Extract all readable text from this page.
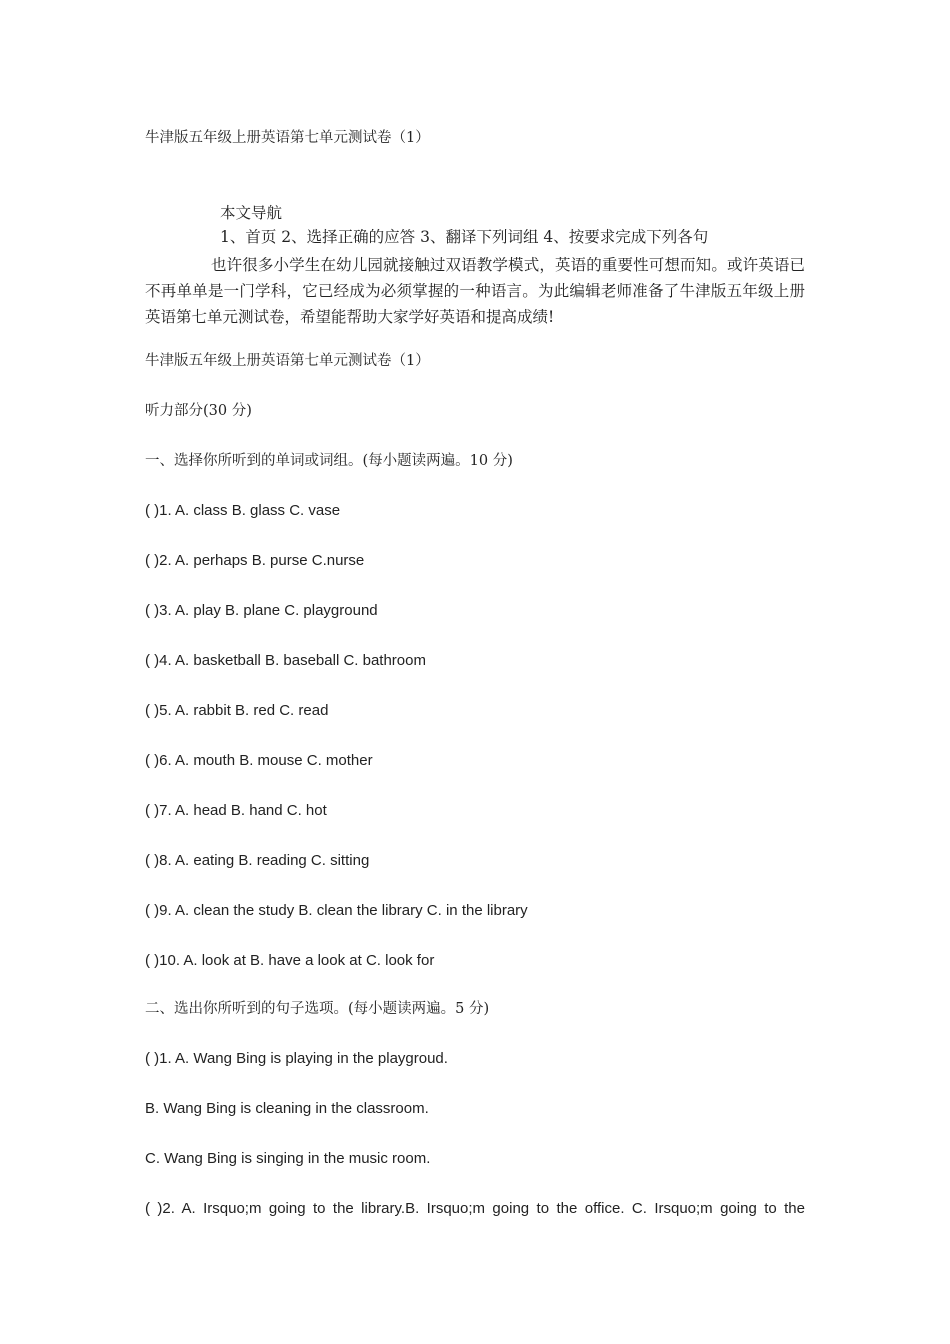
牛津版五年级上册英语第七单元测试卷（1）
本文导航
1、首页 2、选择正确的应答 3、翻译下列词组 4、按要求完成下列各句
也许很多小学生在幼儿园就接触过双语教学模式，英语的重要性可想而知。或许英语已不再单单是一门学科，它已经成为必须掌握的一种语言。为此编辑老师准备了牛津版五年级上册英语第七单元测试卷，希望能帮助大家学好英语和提高成绩!
牛津版五年级上册英语第七单元测试卷（1）
听力部分(30 分)
一、选择你所听到的单词或词组。(每小题读两遍。10 分)
( )1. A. class B. glass C. vase
( )2. A. perhaps B. purse C.nurse
( )3. A. play B. plane C. playground
( )4. A. basketball B. baseball C. bathroom
( )5. A. rabbit B. red C. read
( )6. A. mouth B. mouse C. mother
( )7. A. head B. hand C. hot
( )8. A. eating B. reading C. sitting
( )9. A. clean the study B. clean the library C. in the library
( )10. A. look at B. have a look at C. look for
二、选出你所听到的句子选项。(每小题读两遍。5 分)
( )1. A. Wang Bing is playing in the playgroud.
B. Wang Bing is cleaning in the classroom.
C. Wang Bing is singing in the music room.
( )2. A. Irsquo;m going to the library.B. Irsquo;m going to the office. C. Irsquo;m going to the
